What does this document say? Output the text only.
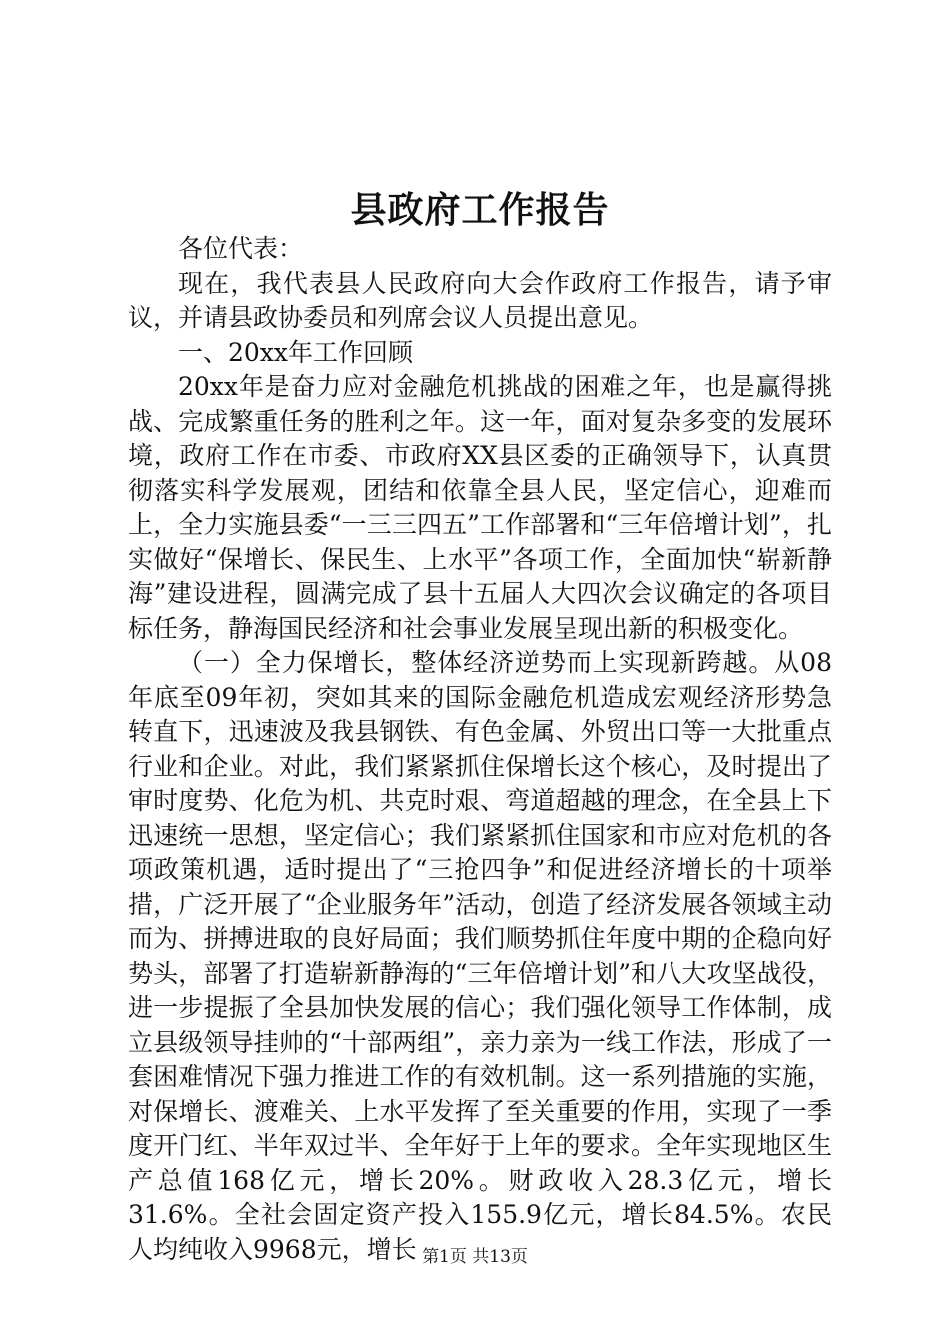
县政府工作报告

各位代表：

现在，我代表县人民政府向大会作政府工作报告，请予审议，并请县政协委员和列席会议人员提出意见。

一、20xx年工作回顾

20xx年是奋力应对金融危机挑战的困难之年，也是赢得挑战、完成繁重任务的胜利之年。这一年，面对复杂多变的发展环境，政府工作在市委、市政府XX县区委的正确领导下，认真贯彻落实科学发展观，团结和依靠全县人民，坚定信心，迎难而上，全力实施县委“一三三四五”工作部署和“三年倍增计划”，扎实做好“保增长、保民生、上水平”各项工作，全面加快“崭新静海”建设进程，圆满完成了县十五届人大四次会议确定的各项目标任务，静海国民经济和社会事业发展呈现出新的积极变化。

（一）全力保增长，整体经济逆势而上实现新跨越。从08年底至09年初，突如其来的国际金融危机造成宏观经济形势急转直下，迅速波及我县钢铁、有色金属、外贸出口等一大批重点行业和企业。对此，我们紧紧抓住保增长这个核心，及时提出了审时度势、化危为机、共克时艰、弯道超越的理念，在全县上下迅速统一思想，坚定信心；我们紧紧抓住国家和市应对危机的各项政策机遇，适时提出了“三抢四争”和促进经济增长的十项举措，广泛开展了“企业服务年”活动，创造了经济发展各领域主动而为、拼搏进取的良好局面；我们顺势抓住年度中期的企稳向好势头，部署了打造崭新静海的“三年倍增计划”和八大攻坚战役，进一步提振了全县加快发展的信心；我们强化领导工作体制，成立县级领导挂帅的“十部两组”，亲力亲为一线工作法，形成了一套困难情况下强力推进工作的有效机制。这一系列措施的实施，对保增长、渡难关、上水平发挥了至关重要的作用，实现了一季度开门红、半年双过半、全年好于上年的要求。全年实现地区生产总值168亿元，增长20%。财政收入28.3亿元，增长31.6%。全社会固定资产投入155.9亿元，增长84.5%。农民人均纯收入9968元，增长 第1页 共13页
